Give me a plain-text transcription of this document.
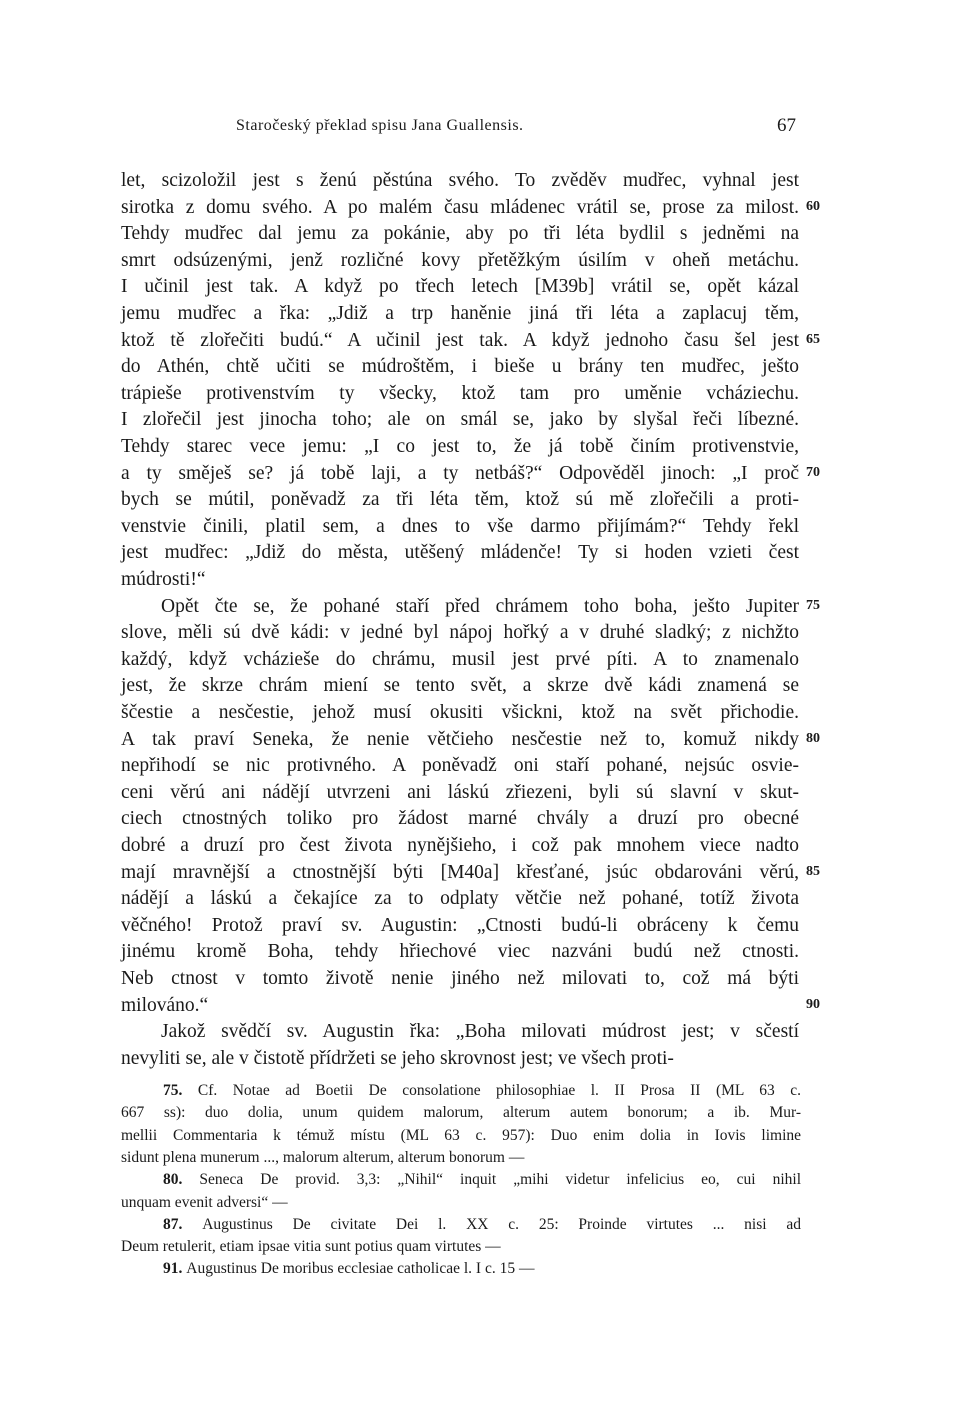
Staročeský překlad spisu Jana Guallensis.	67
let, scizoložil jest s ženú pěstúna svého. To zvěděv mudřec, vyhnal jest
sirotka z domu svého. A po malém času mládenec vrátil se, prose za milost.
Tehdy mudřec dal jemu za pokánie, aby po tři léta bydlil s jedněmi na
smrt odsúzenými, jenž rozličné kovy přetěžkým úsilím v oheň metáchu.
I učinil jest tak. A když po třech letech [M39b] vrátil se, opět kázal
jemu mudřec a řka: „Jdiž a trp haněnie jiná tři léta a zaplacuj těm,
ktož tě zlořečiti budú.“ A učinil jest tak. A když jednoho času šel jest
do Athén, chtě učiti se múdroštěm, i bieše u brány ten mudřec, ješto
trápieše protivenstvím ty všecky, ktož tam pro uměnie vcháziechu.
I zlořečil jest jinocha toho; ale on smál se, jako by slyšal řeči líbezné.
Tehdy starec vece jemu: „I co jest to, že já tobě činím protivenstvie,
a ty směješ se? já tobě laji, a ty netbáš?“ Odpověděl jinoch: „I proč
bych se mútil, poněvadž za tři léta těm, ktož sú mě zlořečili a proti-
venstvie činili, platil sem, a dnes to vše darmo přijímám?“ Tehdy řekl
jest mudřec: „Jdiž do města, utěšený mládenče! Ty si hoden vzieti čest
múdrosti!“
Opět čte se, že pohané staří před chrámem toho boha, ješto Jupiter
slove, měli sú dvě kádi: v jedné byl nápoj hořký a v druhé sladký; z nichžto
každý, když vcháziešе do chrámu, musil jest prvé píti. A to znamenalo
jest, že skrze chrám miení se tento svět, a skrze dvě kádi znamená se
ščestie a nesčestie, jehož musí okusiti všickni, ktož na svět přichodie.
A tak praví Seneka, že nenie větčieho nesčestie než to, komuž nikdy
nepřihodí se nic protivného. A poněvadž oni staří pohané, nejsúc osvie-
ceni věrú ani nádějí utvrzeni ani láskú zřiezeni, byli sú slavní v skut-
ciech ctnostných toliko pro žádost marné chvály a druzí pro obecné
dobré a druzí pro čest života nynějšieho, i což pak mnohem viece nadto
mají mravnější a ctnostnější býti [M40a] křesťané, jsúc obdarováni věrú,
nádějí a láskú a čekajíce za to odplaty větčie než pohané, totíž života
věčného! Protož praví sv. Augustin: „Ctnosti budú-li obráceny k čemu
jinému kromě Boha, tehdy hřiechové viec nazváni budú než ctnosti.
Neb ctnost v tomto životě nenie jiného než milovati to, což má býti
milováno.“
Jakož svědčí sv. Augustin řka: „Boha milovati múdrost jest; v sčestí
nevyliti se, ale v čistotě přídržeti se jeho skrovnost jest; ve všech proti-
60
65
70
75
80
85
90
75. Cf. Notae ad Boetii De consolatione philosophiae l. II Prosa II (ML 63 c.
667 ss): duo dolia, unum quidem malorum, alterum autem bonorum; a ib. Mur-
mellii Commentaria k témuž místu (ML 63 c. 957): Duo enim dolia in Iovis limine
sidunt plena munerum ..., malorum alterum, alterum bonorum —
80. Seneca De provid. 3,3: „Nihil“ inquit „mihi videtur infelicius eo, cui nihil
unquam evenit adversi“ —
87. Augustinus De civitate Dei l. XX c. 25: Proinde virtutes ... nisi ad
Deum retulerit, etiam ipsae vitia sunt potius quam virtutes —
91. Augustinus De moribus ecclesiae catholicae l. I c. 15 —
